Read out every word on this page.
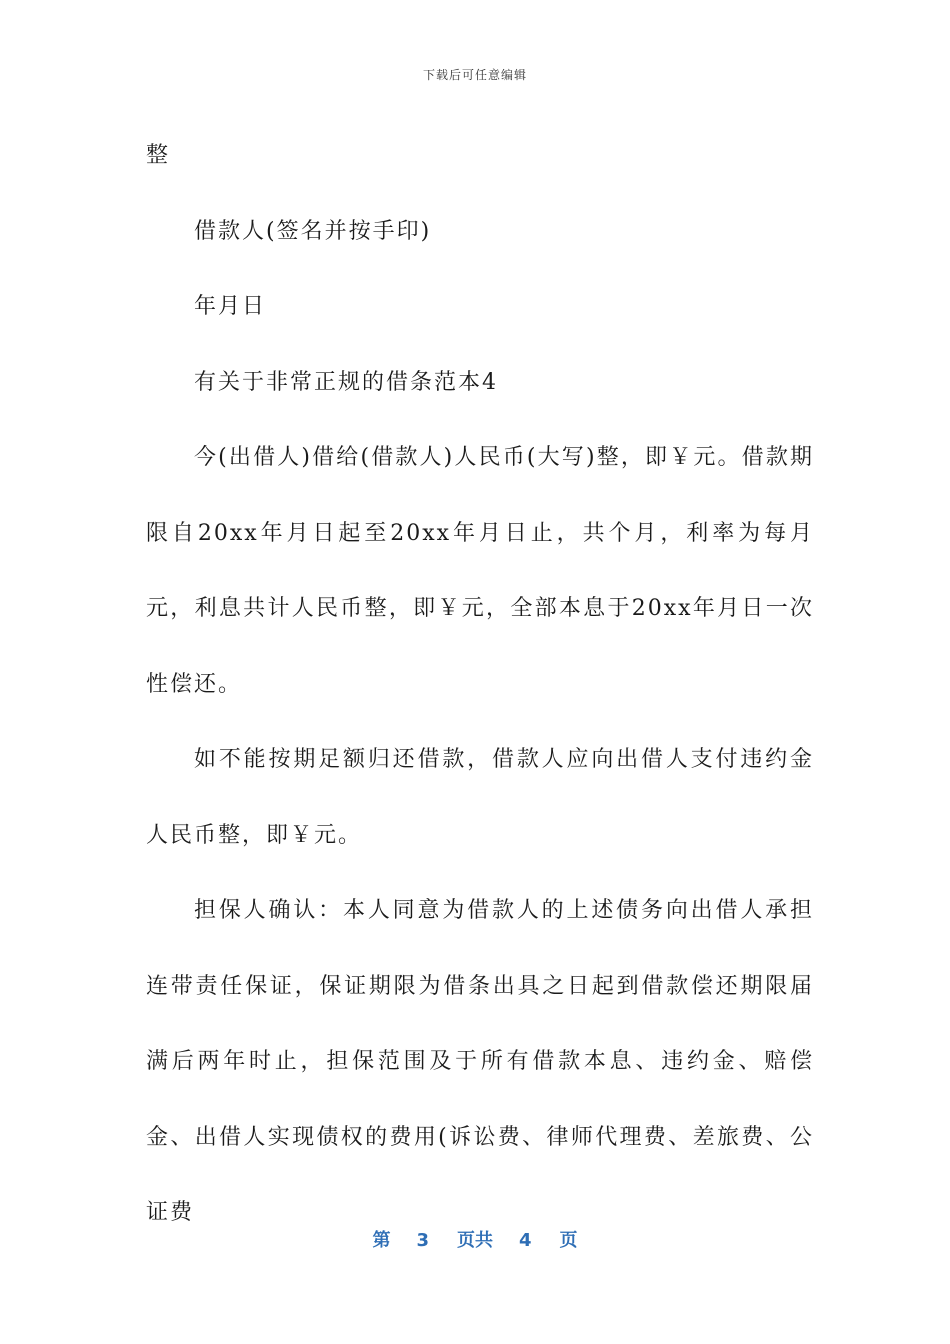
下载后可任意编辑

整

借款人(签名并按手印)

年月日

有关于非常正规的借条范本4

今(出借人)借给(借款人)人民币(大写)整，即￥元。借款期限自20xx年月日起至20xx年月日止，共个月，利率为每月元，利息共计人民币整，即￥元，全部本息于20xx年月日一次性偿还。

如不能按期足额归还借款，借款人应向出借人支付违约金人民币整，即￥元。

担保人确认：本人同意为借款人的上述债务向出借人承担连带责任保证，保证期限为借条出具之日起到借款偿还期限届满后两年时止，担保范围及于所有借款本息、违约金、赔偿金、出借人实现债权的费用(诉讼费、律师代理费、差旅费、公证费

第 3 页共 4 页
